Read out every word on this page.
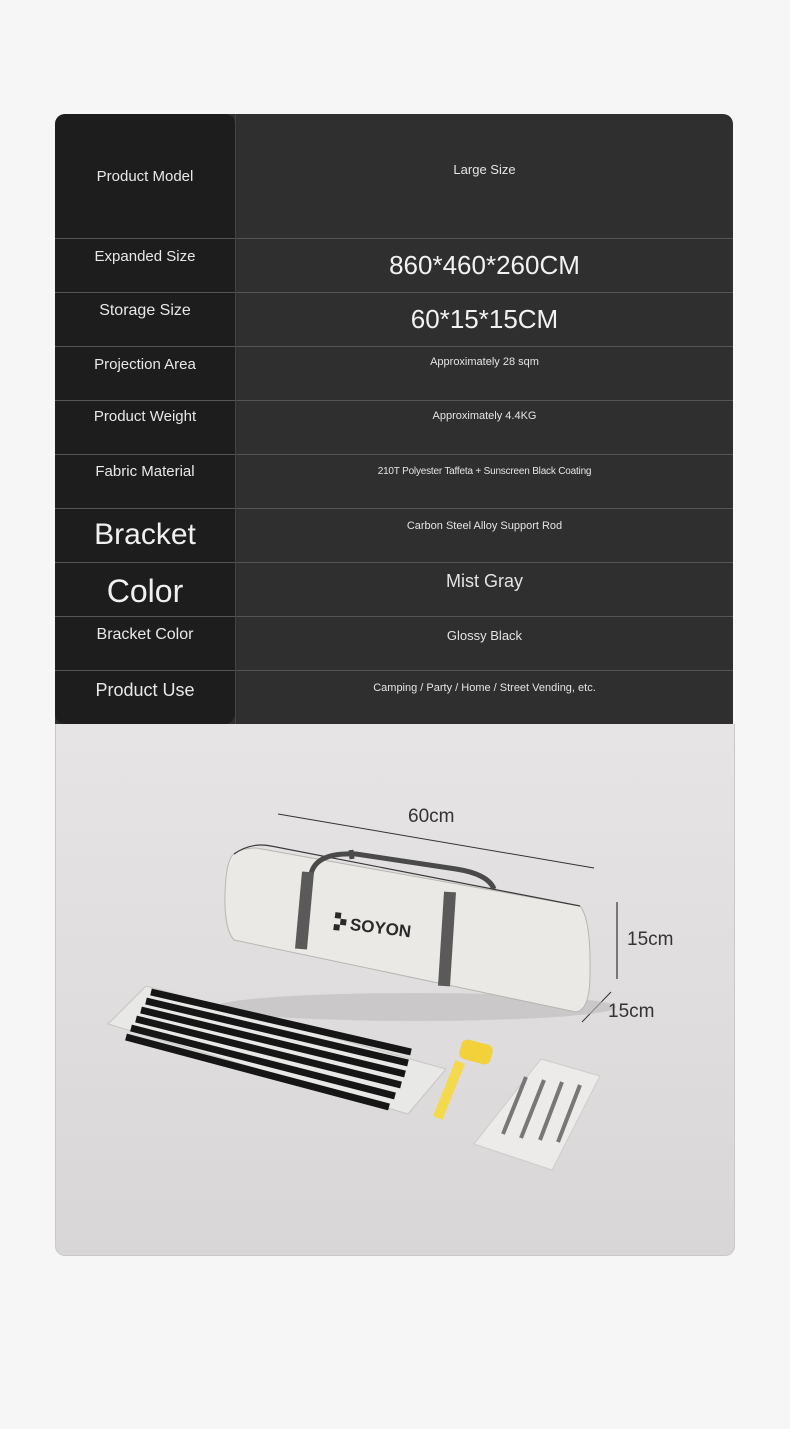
Product Model	Large Size
Expanded Size	860*460*260CM
Storage Size	60*15*15CM
Projection Area	Approximately 28 sqm
Product Weight	Approximately 4.4KG
Fabric Material	210T Polyester Taffeta + Sunscreen Black Coating
Bracket	Carbon Steel Alloy Support Rod
Color	Mist Gray
Bracket Color	Glossy Black
Product Use	Camping / Party / Home / Street Vending, etc.
SOYON
60cm
15cm
15cm
